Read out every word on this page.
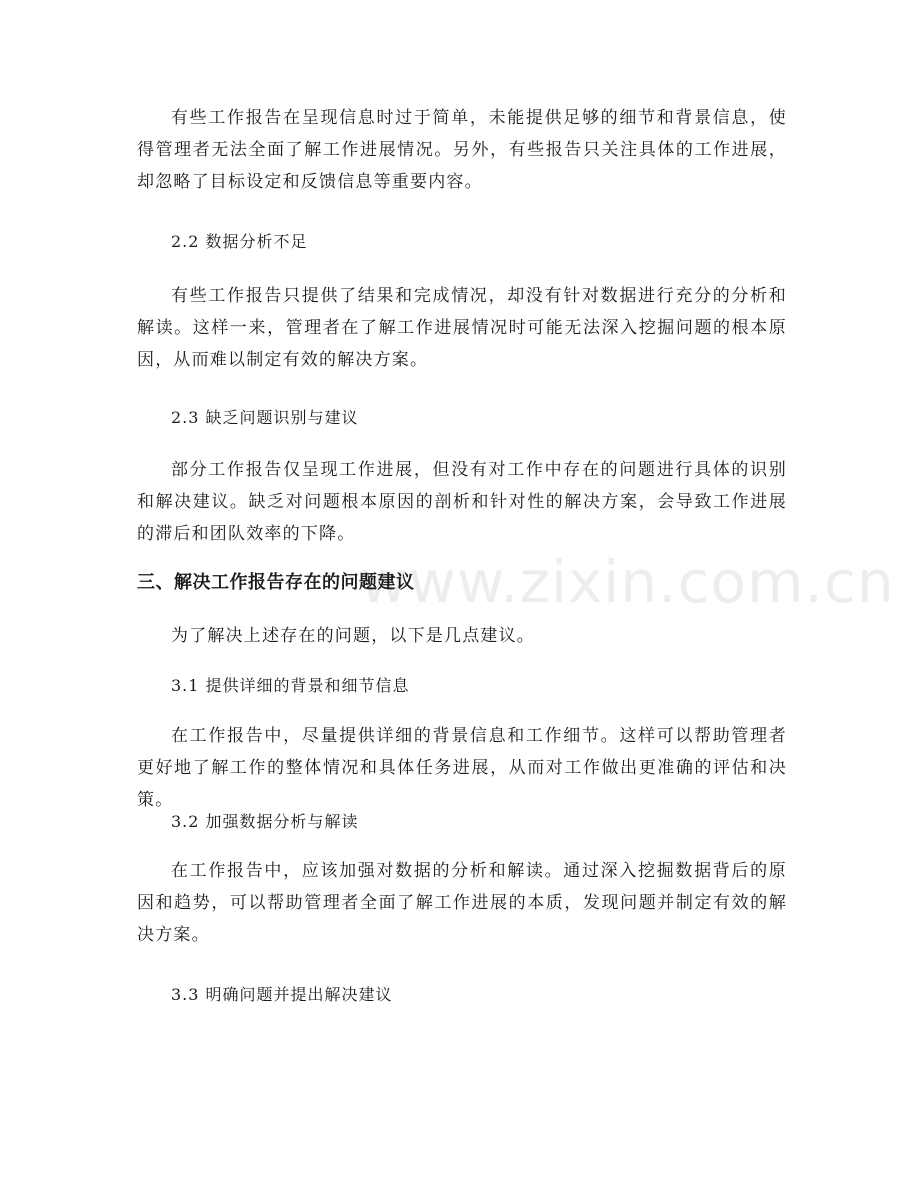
有些工作报告在呈现信息时过于简单，未能提供足够的细节和背景信息，使得管理者无法全面了解工作进展情况。另外，有些报告只关注具体的工作进展，却忽略了目标设定和反馈信息等重要内容。

2.2 数据分析不足

有些工作报告只提供了结果和完成情况，却没有针对数据进行充分的分析和解读。这样一来，管理者在了解工作进展情况时可能无法深入挖掘问题的根本原因，从而难以制定有效的解决方案。

2.3 缺乏问题识别与建议

部分工作报告仅呈现工作进展，但没有对工作中存在的问题进行具体的识别和解决建议。缺乏对问题根本原因的剖析和针对性的解决方案，会导致工作进展的滞后和团队效率的下降。

三、解决工作报告存在的问题建议

为了解决上述存在的问题，以下是几点建议。

3.1 提供详细的背景和细节信息

在工作报告中，尽量提供详细的背景信息和工作细节。这样可以帮助管理者更好地了解工作的整体情况和具体任务进展，从而对工作做出更准确的评估和决策。

3.2 加强数据分析与解读

在工作报告中，应该加强对数据的分析和解读。通过深入挖掘数据背后的原因和趋势，可以帮助管理者全面了解工作进展的本质，发现问题并制定有效的解决方案。

3.3 明确问题并提出解决建议

www.zixin.com.cn
